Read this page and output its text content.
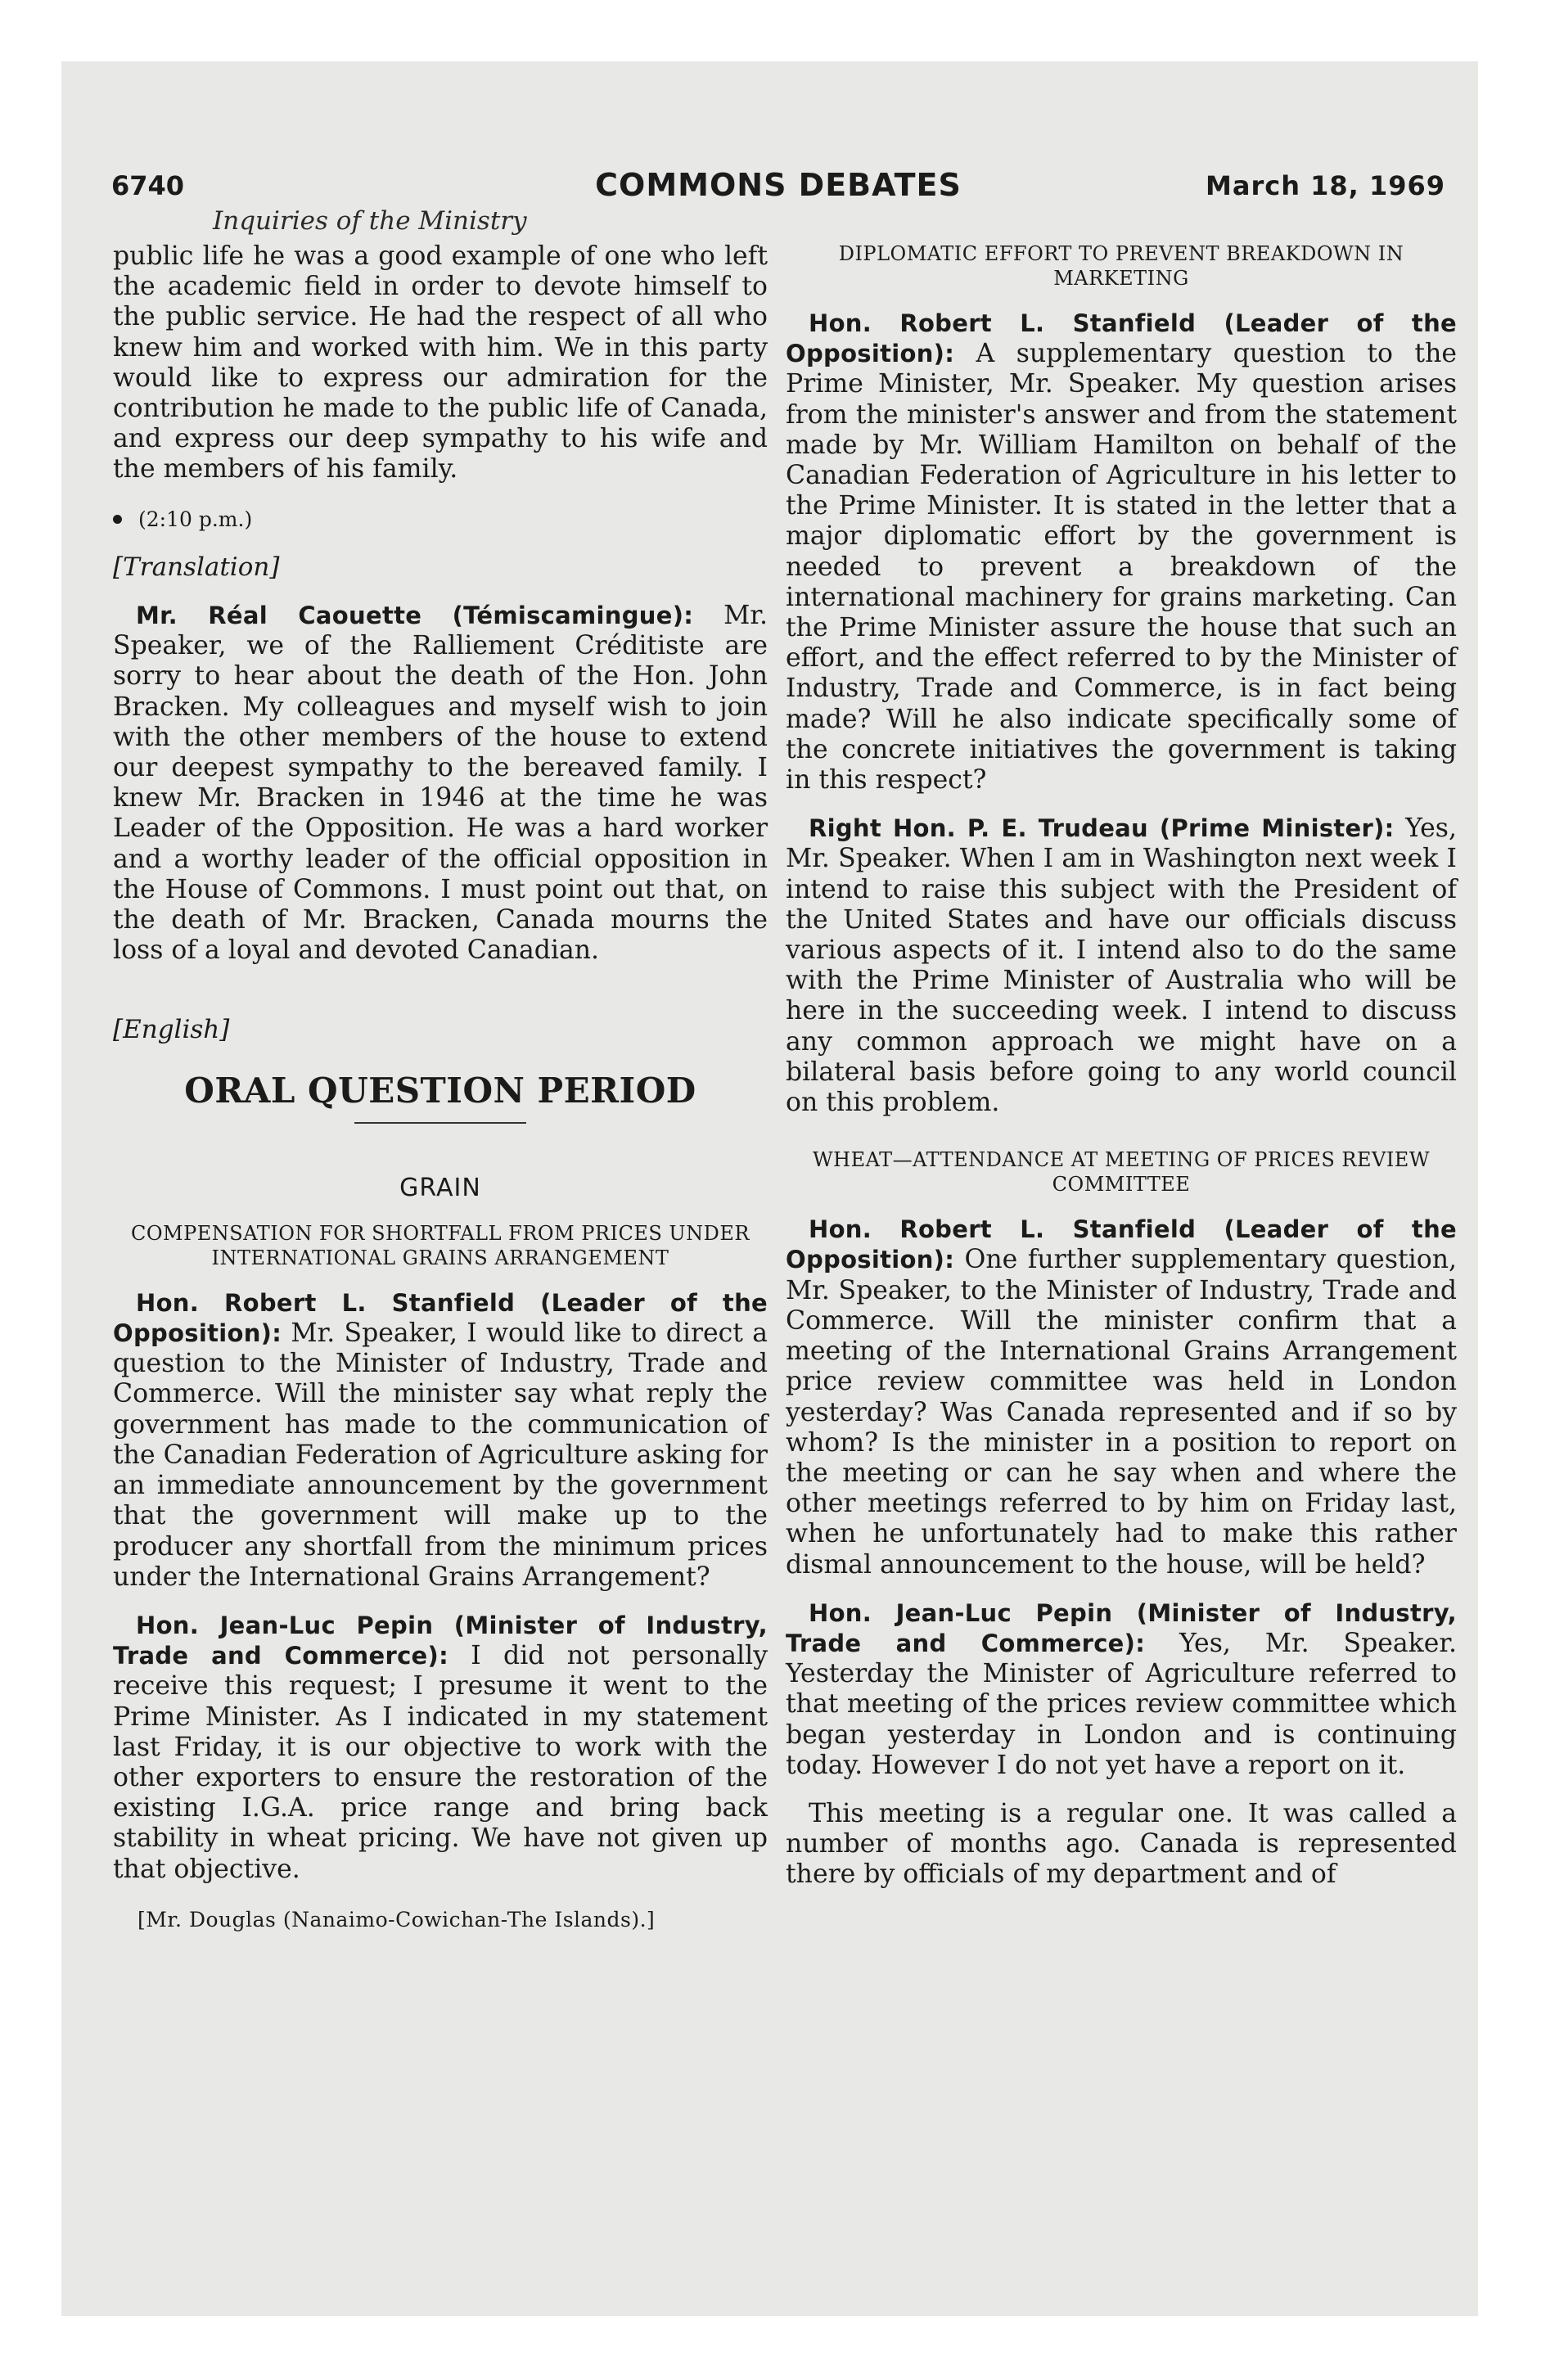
6740	COMMONS DEBATES	March 18, 1969
Inquiries of the Ministry

public life he was a good example of one who left the academic field in order to devote himself to the public service. He had the respect of all who knew him and worked with him. We in this party would like to express our admiration for the contribution he made to the public life of Canada, and express our deep sympathy to his wife and the members of his family.

(2:10 p.m.)

[Translation]

Mr. Réal Caouette (Témiscamingue): Mr. Speaker, we of the Ralliement Créditiste are sorry to hear about the death of the Hon. John Bracken. My colleagues and myself wish to join with the other members of the house to extend our deepest sympathy to the bereaved family. I knew Mr. Bracken in 1946 at the time he was Leader of the Opposition. He was a hard worker and a worthy leader of the official opposition in the House of Commons. I must point out that, on the death of Mr. Bracken, Canada mourns the loss of a loyal and devoted Canadian.

[English]

ORAL QUESTION PERIOD

GRAIN

COMPENSATION FOR SHORTFALL FROM PRICES UNDER INTERNATIONAL GRAINS ARRANGEMENT

Hon. Robert L. Stanfield (Leader of the Opposition): Mr. Speaker, I would like to direct a question to the Minister of Industry, Trade and Commerce. Will the minister say what reply the government has made to the communication of the Canadian Federation of Agriculture asking for an immediate announcement by the government that the government will make up to the producer any shortfall from the minimum prices under the International Grains Arrangement?

Hon. Jean-Luc Pepin (Minister of Industry, Trade and Commerce): I did not personally receive this request; I presume it went to the Prime Minister. As I indicated in my statement last Friday, it is our objective to work with the other exporters to ensure the restoration of the existing I.G.A. price range and bring back stability in wheat pricing. We have not given up that objective.

[Mr. Douglas (Nanaimo-Cowichan-The Islands).]

DIPLOMATIC EFFORT TO PREVENT BREAKDOWN IN MARKETING

Hon. Robert L. Stanfield (Leader of the Opposition): A supplementary question to the Prime Minister, Mr. Speaker. My question arises from the minister's answer and from the statement made by Mr. William Hamilton on behalf of the Canadian Federation of Agriculture in his letter to the Prime Minister. It is stated in the letter that a major diplomatic effort by the government is needed to prevent a breakdown of the international machinery for grains marketing. Can the Prime Minister assure the house that such an effort, and the effect referred to by the Minister of Industry, Trade and Commerce, is in fact being made? Will he also indicate specifically some of the concrete initiatives the government is taking in this respect?

Right Hon. P. E. Trudeau (Prime Minister): Yes, Mr. Speaker. When I am in Washington next week I intend to raise this subject with the President of the United States and have our officials discuss various aspects of it. I intend also to do the same with the Prime Minister of Australia who will be here in the succeeding week. I intend to discuss any common approach we might have on a bilateral basis before going to any world council on this problem.

WHEAT—ATTENDANCE AT MEETING OF PRICES REVIEW COMMITTEE

Hon. Robert L. Stanfield (Leader of the Opposition): One further supplementary question, Mr. Speaker, to the Minister of Industry, Trade and Commerce. Will the minister confirm that a meeting of the International Grains Arrangement price review committee was held in London yesterday? Was Canada represented and if so by whom? Is the minister in a position to report on the meeting or can he say when and where the other meetings referred to by him on Friday last, when he unfortunately had to make this rather dismal announcement to the house, will be held?

Hon. Jean-Luc Pepin (Minister of Industry, Trade and Commerce): Yes, Mr. Speaker. Yesterday the Minister of Agriculture referred to that meeting of the prices review committee which began yesterday in London and is continuing today. However I do not yet have a report on it.

This meeting is a regular one. It was called a number of months ago. Canada is represented there by officials of my department and of
